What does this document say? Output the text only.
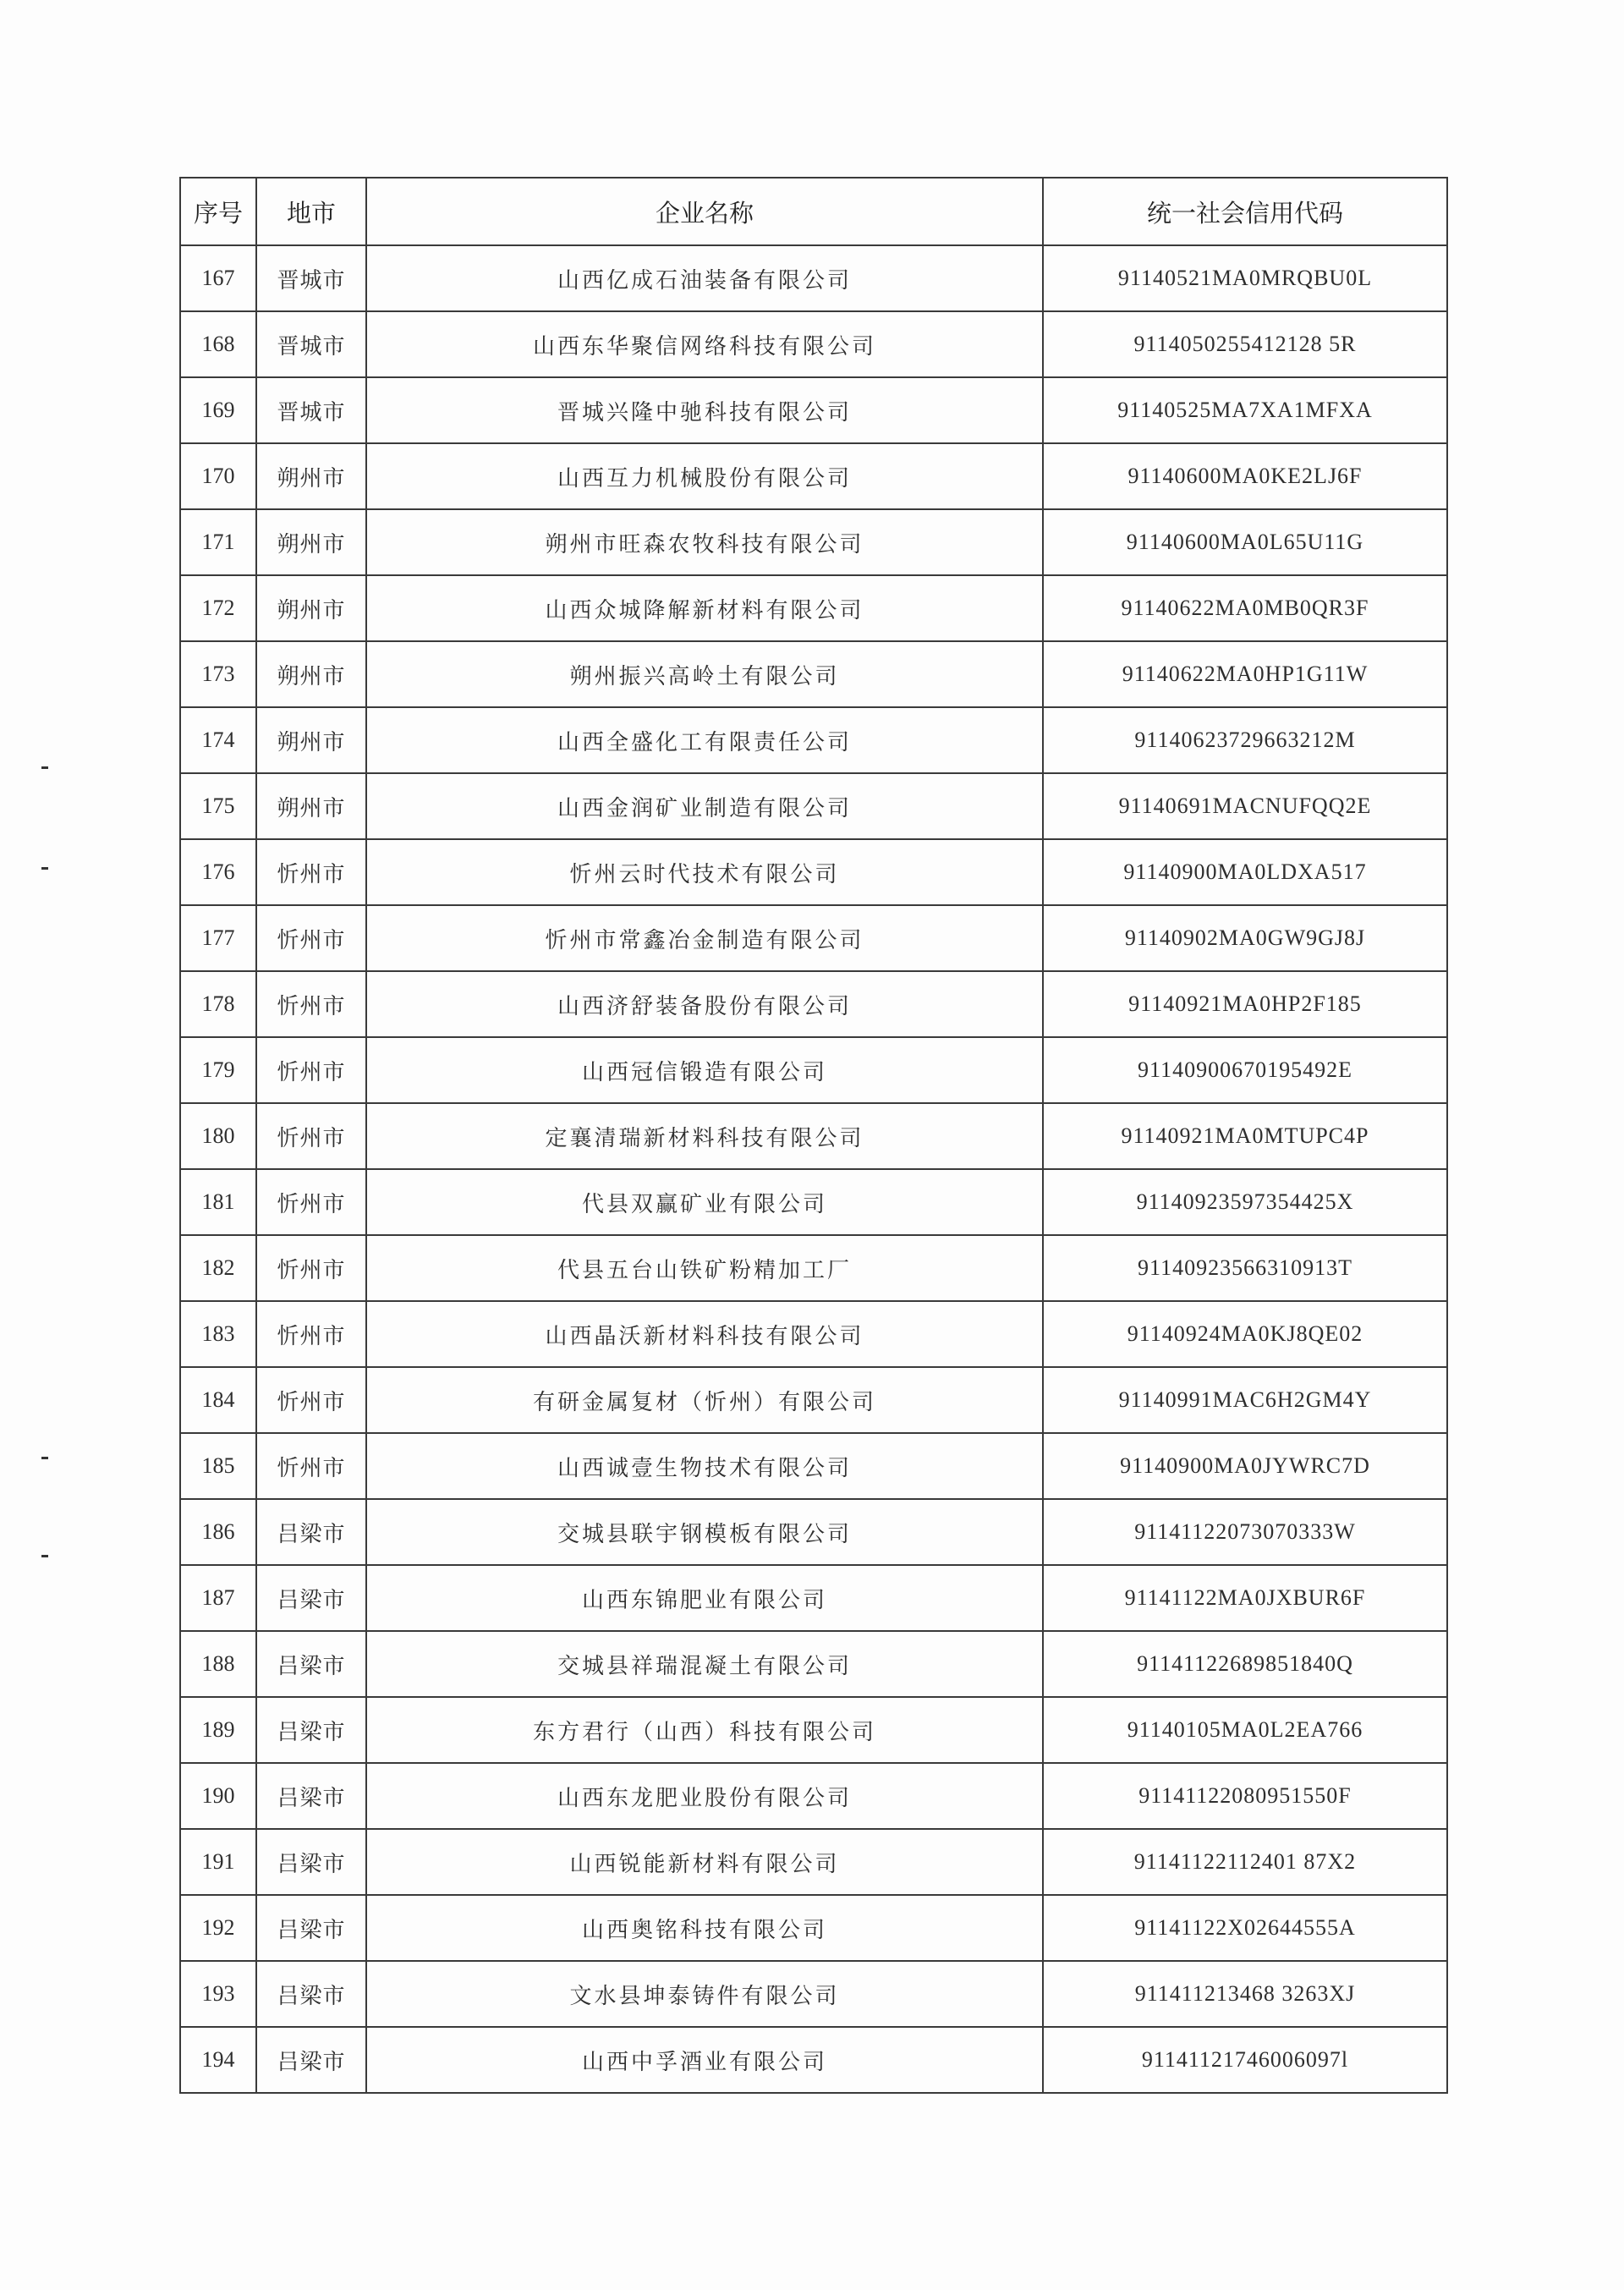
序号	地市	企业名称	统一社会信用代码
167	晋城市	山西亿成石油装备有限公司	91140521MA0MRQBU0L
168	晋城市	山西东华聚信网络科技有限公司	9114050255412128 5R
169	晋城市	晋城兴隆中驰科技有限公司	91140525MA7XA1MFXA
170	朔州市	山西互力机械股份有限公司	91140600MA0KE2LJ6F
171	朔州市	朔州市旺森农牧科技有限公司	91140600MA0L65U11G
172	朔州市	山西众城降解新材料有限公司	91140622MA0MB0QR3F
173	朔州市	朔州振兴高岭土有限公司	91140622MA0HP1G11W
174	朔州市	山西全盛化工有限责任公司	91140623729663212M
175	朔州市	山西金润矿业制造有限公司	91140691MACNUFQQ2E
176	忻州市	忻州云时代技术有限公司	91140900MA0LDXA517
177	忻州市	忻州市常鑫冶金制造有限公司	91140902MA0GW9GJ8J
178	忻州市	山西济舒装备股份有限公司	91140921MA0HP2F185
179	忻州市	山西冠信锻造有限公司	91140900670195492E
180	忻州市	定襄清瑞新材料科技有限公司	91140921MA0MTUPC4P
181	忻州市	代县双赢矿业有限公司	91140923597354425X
182	忻州市	代县五台山铁矿粉精加工厂	91140923566310913T
183	忻州市	山西晶沃新材料科技有限公司	91140924MA0KJ8QE02
184	忻州市	有研金属复材（忻州）有限公司	91140991MAC6H2GM4Y
185	忻州市	山西诚壹生物技术有限公司	91140900MA0JYWRC7D
186	吕梁市	交城县联宇钢模板有限公司	91141122073070333W
187	吕梁市	山西东锦肥业有限公司	91141122MA0JXBUR6F
188	吕梁市	交城县祥瑞混凝土有限公司	91141122689851840Q
189	吕梁市	东方君行（山西）科技有限公司	91140105MA0L2EA766
190	吕梁市	山西东龙肥业股份有限公司	91141122080951550F
191	吕梁市	山西锐能新材料有限公司	91141122112401 87X2
192	吕梁市	山西奥铭科技有限公司	91141122X02644555A
193	吕梁市	文水县坤泰铸件有限公司	911411213468 3263XJ
194	吕梁市	山西中孚酒业有限公司	91141121746006097l
